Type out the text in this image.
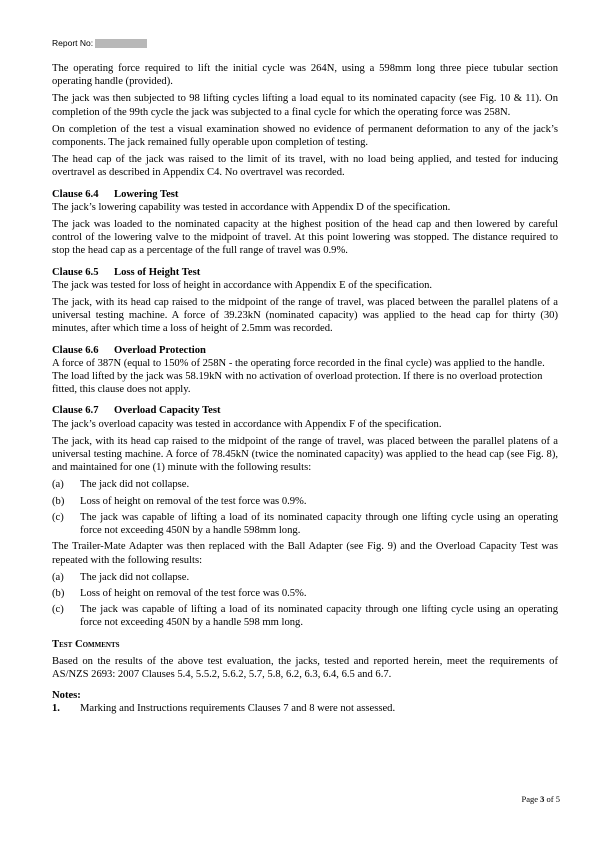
Report No:

The operating force required to lift the initial cycle was 264N, using a 598mm long three piece tubular section operating handle (provided).

The jack was then subjected to 98 lifting cycles lifting a load equal to its nominated capacity (see Fig. 10 & 11). On completion of the 99th cycle the jack was subjected to a final cycle for which the operating force was 258N.

On completion of the test a visual examination showed no evidence of permanent deformation to any of the jack’s components. The jack remained fully operable upon completion of testing.

The head cap of the jack was raised to the limit of its travel, with no load being applied, and tested for inducing overtravel as described in Appendix C4. No overtravel was recorded.

Clause 6.4 Lowering Test

The jack’s lowering capability was tested in accordance with Appendix D of the specification.

The jack was loaded to the nominated capacity at the highest position of the head cap and then lowered by careful control of the lowering valve to the midpoint of travel. At this point lowering was stopped. The distance required to stop the head cap as a percentage of the full range of travel was 0.9%.

Clause 6.5 Loss of Height Test

The jack was tested for loss of height in accordance with Appendix E of the specification.

The jack, with its head cap raised to the midpoint of the range of travel, was placed between the parallel platens of a universal testing machine. A force of 39.23kN (nominated capacity) was applied to the head cap for thirty (30) minutes, after which time a loss of height of 2.5mm was recorded.

Clause 6.6 Overload Protection

A force of 387N (equal to 150% of 258N - the operating force recorded in the final cycle) was applied to the handle. The load lifted by the jack was 58.19kN with no activation of overload protection. If there is no overload protection fitted, this clause does not apply.

Clause 6.7 Overload Capacity Test

The jack’s overload capacity was tested in accordance with Appendix F of the specification.

The jack, with its head cap raised to the midpoint of the range of travel, was placed between the parallel platens of a universal testing machine. A force of 78.45kN (twice the nominated capacity) was applied to the head cap (see Fig. 8), and maintained for one (1) minute with the following results:

(a)	The jack did not collapse.
(b)	Loss of height on removal of the test force was 0.9%.
(c)	The jack was capable of lifting a load of its nominated capacity through one lifting cycle using an operating force not exceeding 450N by a handle 598mm long.

The Trailer-Mate Adapter was then replaced with the Ball Adapter (see Fig. 9) and the Overload Capacity Test was repeated with the following results:

(a)	The jack did not collapse.
(b)	Loss of height on removal of the test force was 0.5%.
(c)	The jack was capable of lifting a load of its nominated capacity through one lifting cycle using an operating force not exceeding 450N by a handle 598 mm long.
Test Comments

Based on the results of the above test evaluation, the jacks, tested and reported herein, meet the requirements of AS/NZS 2693: 2007 Clauses 5.4, 5.5.2, 5.6.2, 5.7, 5.8, 6.2, 6.3, 6.4, 6.5 and 6.7.

Notes:
1.	Marking and Instructions requirements Clauses 7 and 8 were not assessed.
Page 3 of 5
